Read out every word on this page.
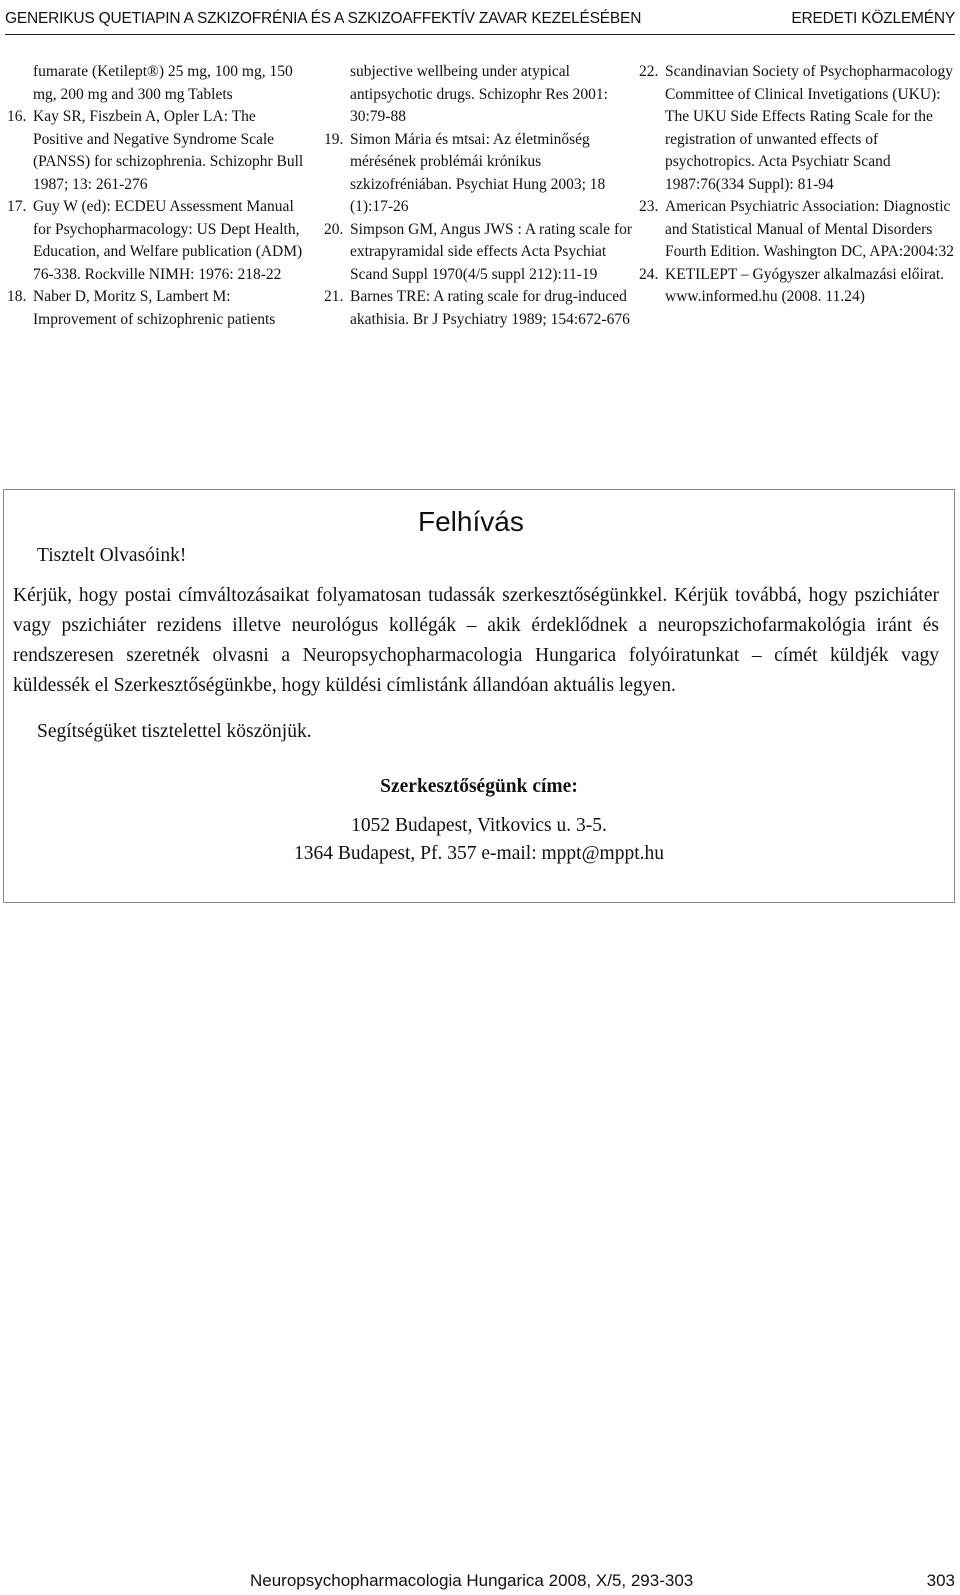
GENERIKUS QUETIAPIN A SZKIZOFRÉNIA ÉS A SZKIZOAFFEKTÍV ZAVAR KEZELÉSÉBEN	EREDETI KÖZLEMÉNY
fumarate (Ketilept®) 25 mg, 100 mg, 150 mg, 200 mg and 300 mg Tablets
16. Kay SR, Fiszbein A, Opler LA: The Positive and Negative Syndrome Scale (PANSS) for schizophrenia. Schizophr Bull 1987; 13: 261-276
17. Guy W (ed): ECDEU Assessment Manual for Psychopharmacology: US Dept Health, Education, and Welfare publication (ADM) 76-338. Rockville NIMH: 1976: 218-22
18. Naber D, Moritz S, Lambert M: Improvement of schizophrenic patients
subjective wellbeing under atypical antipsychotic drugs. Schizophr Res 2001: 30:79-88
19. Simon Mária és mtsai: Az életminőség mérésének problémái krónikus szkizofréniában. Psychiat Hung 2003; 18 (1):17-26
20. Simpson GM, Angus JWS : A rating scale for extrapyramidal side effects Acta Psychiat Scand Suppl 1970(4/5 suppl 212):11-19
21. Barnes TRE: A rating scale for drug-induced akathisia. Br J Psychiatry 1989; 154:672-676
22. Scandinavian Society of Psychopharmacology Committee of Clinical Invetigations (UKU): The UKU Side Effects Rating Scale for the registration of unwanted effects of psychotropics. Acta Psychiatr Scand 1987:76(334 Suppl): 81-94
23. American Psychiatric Association: Diagnostic and Statistical Manual of Mental Disorders Fourth Edition. Washington DC, APA:2004:32
24. KETILEPT – Gyógyszer alkalmazási előirat. www.informed.hu (2008. 11.24)
Felhívás
Tisztelt Olvasóink!
Kérjük, hogy postai címváltozásaikat folyamatosan tudassák szerkesztőségünkkel. Kérjük továbbá, hogy pszichiáter vagy pszichiáter rezidens illetve neurológus kollégák – akik érdeklődnek a neuropszichofarmakológia iránt és rendszeresen szeretnék olvasni a Neuropsychopharmacologia Hungarica folyóiratunkat – címét küldjék vagy küldessék el Szerkesztőségünkbe, hogy küldési címlistánk állandóan aktuális legyen.
Segítségüket tisztelettel köszönjük.
Szerkesztőségünk címe:
1052 Budapest, Vitkovics u. 3-5.
1364 Budapest, Pf. 357 e-mail: mppt@mppt.hu
Neuropsychopharmacologia Hungarica 2008, X/5, 293-303	303
